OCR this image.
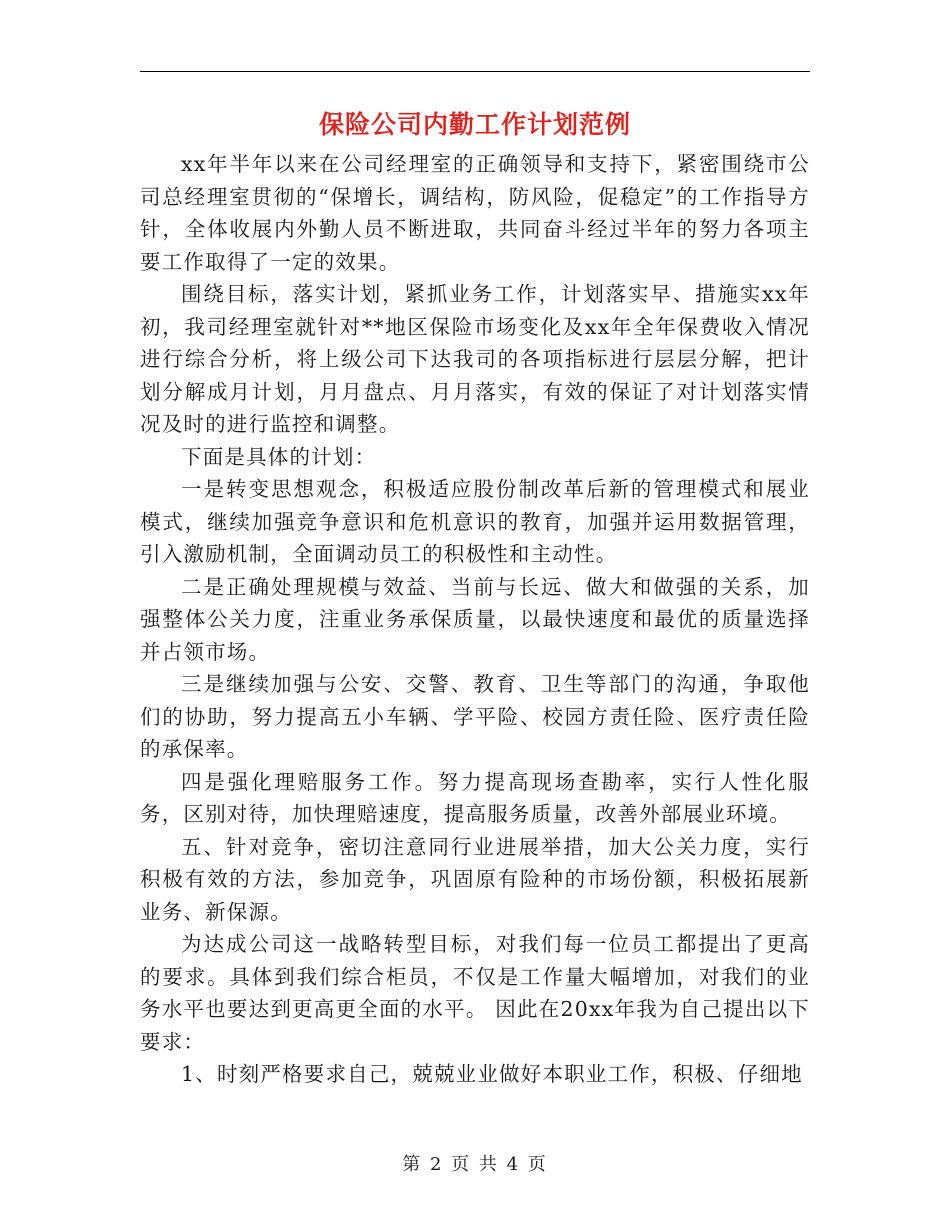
保险公司内勤工作计划范例

xx年半年以来在公司经理室的正确领导和支持下，紧密围绕市公司总经理室贯彻的“保增长，调结构，防风险，促稳定”的工作指导方针，全体收展内外勤人员不断进取，共同奋斗经过半年的努力各项主要工作取得了一定的效果。

围绕目标，落实计划，紧抓业务工作，计划落实早、措施实xx年初，我司经理室就针对**地区保险市场变化及xx年全年保费收入情况进行综合分析，将上级公司下达我司的各项指标进行层层分解，把计划分解成月计划，月月盘点、月月落实，有效的保证了对计划落实情况及时的进行监控和调整。

下面是具体的计划：

一是转变思想观念，积极适应股份制改革后新的管理模式和展业模式，继续加强竞争意识和危机意识的教育，加强并运用数据管理，引入激励机制，全面调动员工的积极性和主动性。

二是正确处理规模与效益、当前与长远、做大和做强的关系，加强整体公关力度，注重业务承保质量，以最快速度和最优的质量选择并占领市场。

三是继续加强与公安、交警、教育、卫生等部门的沟通，争取他们的协助，努力提高五小车辆、学平险、校园方责任险、医疗责任险的承保率。

四是强化理赔服务工作。努力提高现场查勘率，实行人性化服务，区别对待，加快理赔速度，提高服务质量，改善外部展业环境。

五、针对竞争，密切注意同行业进展举措，加大公关力度，实行积极有效的方法，参加竞争，巩固原有险种的市场份额，积极拓展新业务、新保源。

为达成公司这一战略转型目标，对我们每一位员工都提出了更高的要求。具体到我们综合柜员，不仅是工作量大幅增加，对我们的业务水平也要达到更高更全面的水平。 因此在20xx年我为自己提出以下要求：

1、时刻严格要求自己，兢兢业业做好本职业工作，积极、仔细地

第 2 页 共 4 页
